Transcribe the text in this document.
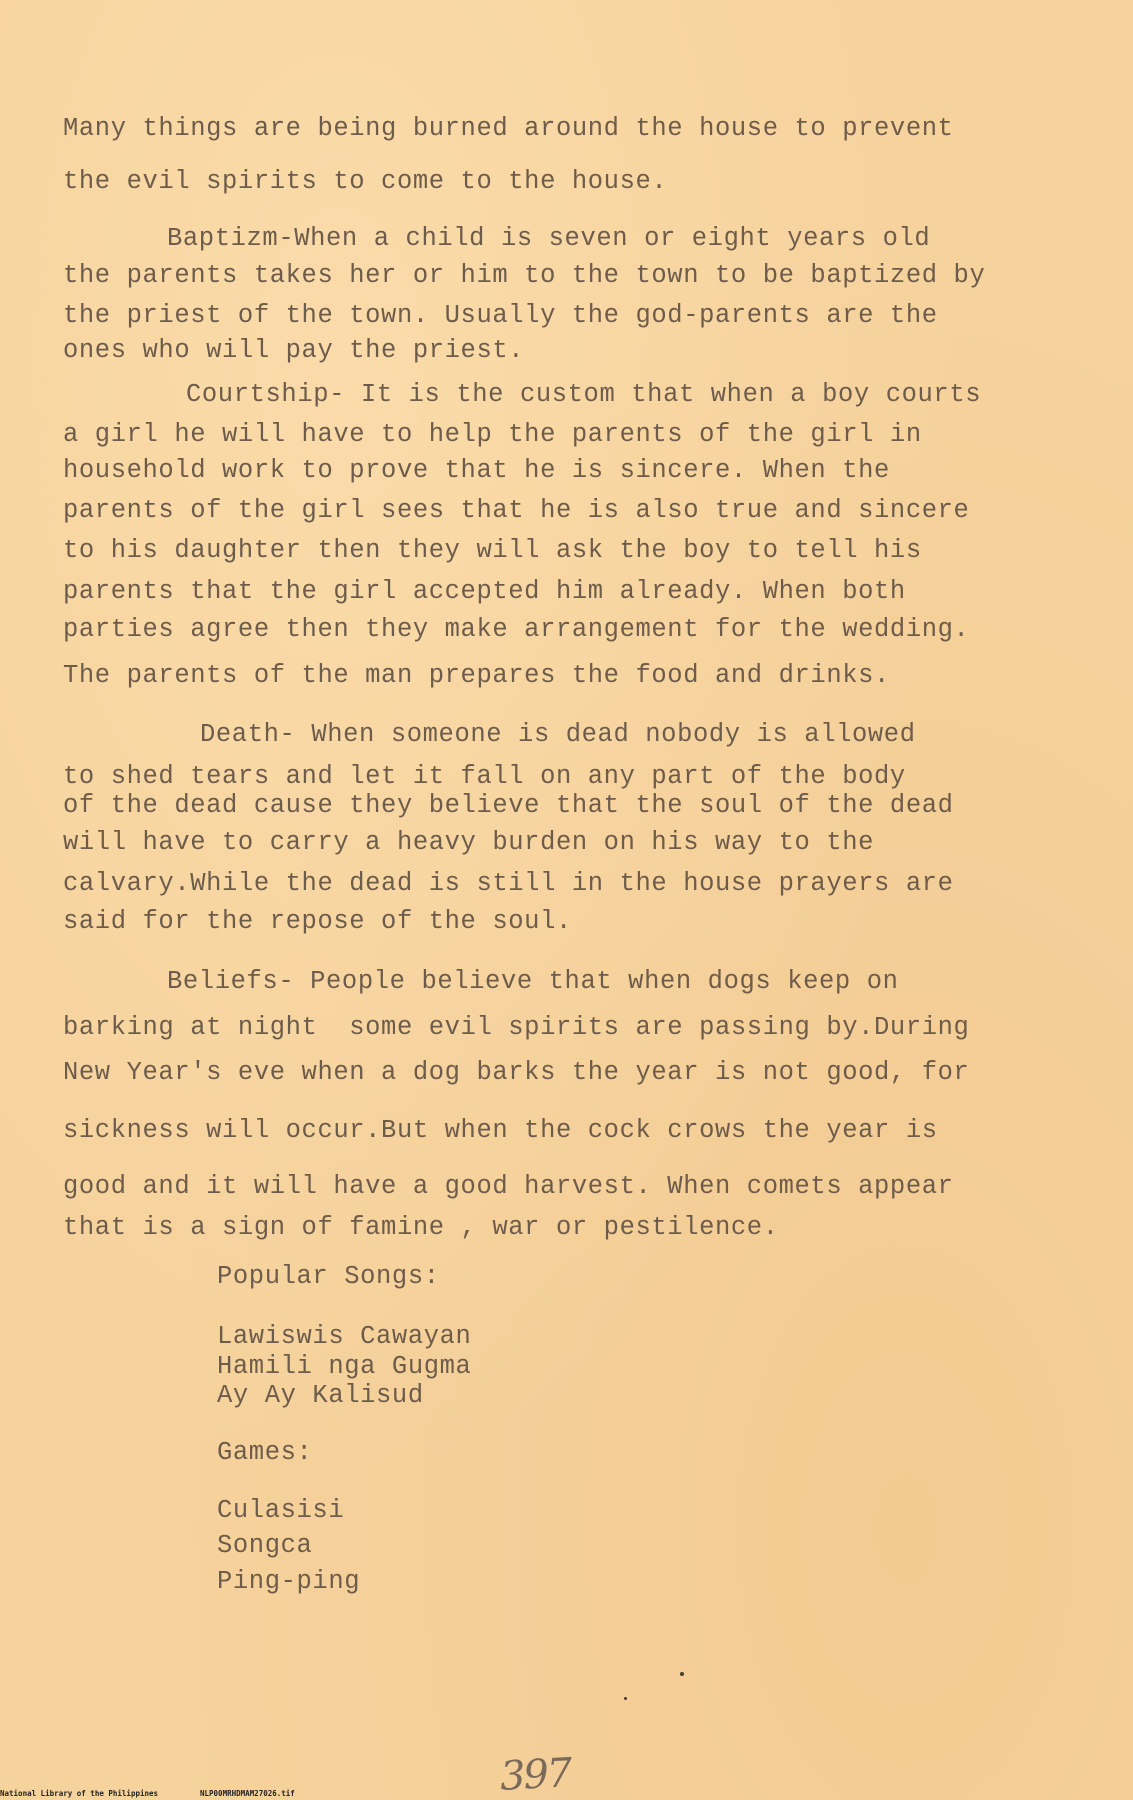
Many things are being burned around the house to prevent
the evil spirits to come to the house.
Baptizm-When a child is seven or eight years old
the parents takes her or him to the town to be baptized by
the priest of the town. Usually the god-parents are the
ones who will pay the priest.
Courtship- It is the custom that when a boy courts
a girl he will have to help the parents of the girl in
household work to prove that he is sincere. When the
parents of the girl sees that he is also true and sincere
to his daughter then they will ask the boy to tell his
parents that the girl accepted him already. When both
parties agree then they make arrangement for the wedding.
The parents of the man prepares the food and drinks.
Death- When someone is dead nobody is allowed
to shed tears and let it fall on any part of the body
of the dead cause they believe that the soul of the dead
will have to carry a heavy burden on his way to the
calvary.While the dead is still in the house prayers are
said for the repose of the soul.
Beliefs- People believe that when dogs keep on
barking at night  some evil spirits are passing by.During
New Year's eve when a dog barks the year is not good, for
sickness will occur.But when the cock crows the year is
good and it will have a good harvest. When comets appear
that is a sign of famine , war or pestilence.
Popular Songs:
Lawiswis Cawayan
Hamili nga Gugma
Ay Ay Kalisud
Games:
Culasisi
Songca
Ping-ping
397
National Library of the Philippines	NLP00MRHDMAM27026.tif
